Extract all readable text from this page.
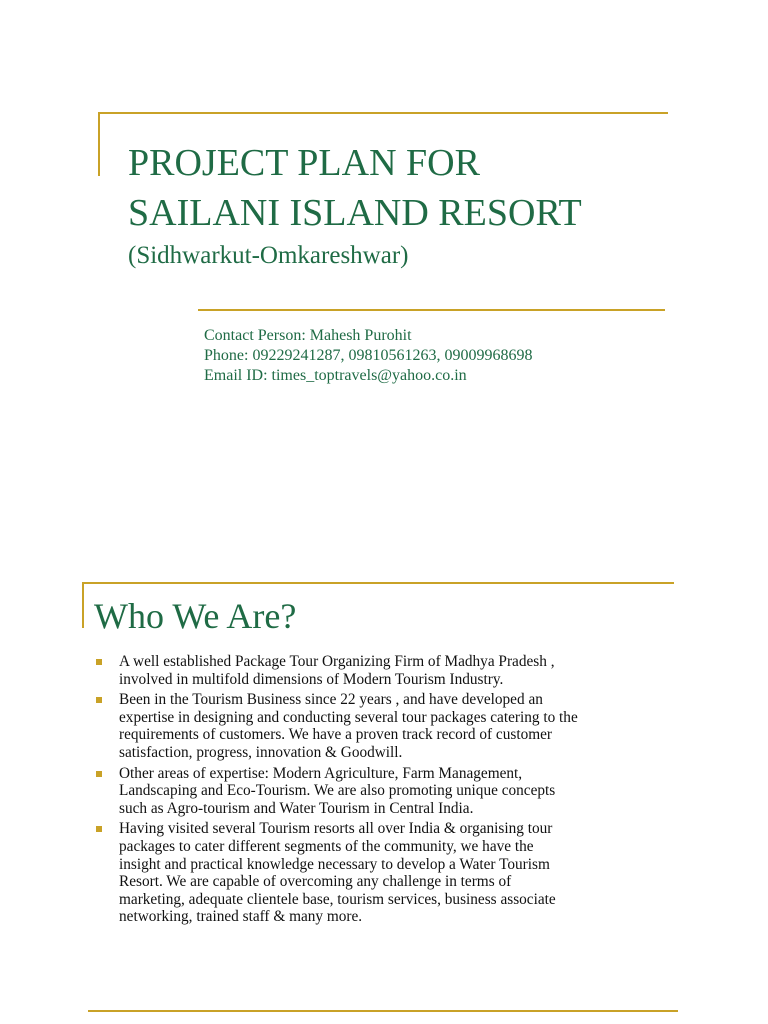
PROJECT PLAN FOR
SAILANI ISLAND RESORT
(Sidhwarkut-Omkareshwar)
Contact Person: Mahesh Purohit
Phone: 09229241287, 09810561263, 09009968698
Email ID: times_toptravels@yahoo.co.in
Who We Are?
A well established Package Tour Organizing Firm of Madhya Pradesh ,
involved in multifold dimensions of Modern Tourism Industry.
Been in the Tourism Business since 22 years , and have developed an
expertise in designing and conducting several tour packages catering to the
requirements of customers. We have a proven track record of customer
satisfaction, progress, innovation & Goodwill.
Other areas of expertise: Modern Agriculture, Farm Management,
Landscaping and Eco-Tourism. We are also promoting unique concepts
such as Agro-tourism and Water Tourism in Central India.
Having visited several Tourism resorts all over India & organising tour
packages to cater different segments of the community, we have the
insight and practical knowledge necessary to develop a Water Tourism
Resort. We are capable of overcoming any challenge in terms of
marketing, adequate clientele base, tourism services, business associate
networking, trained staff & many more.
